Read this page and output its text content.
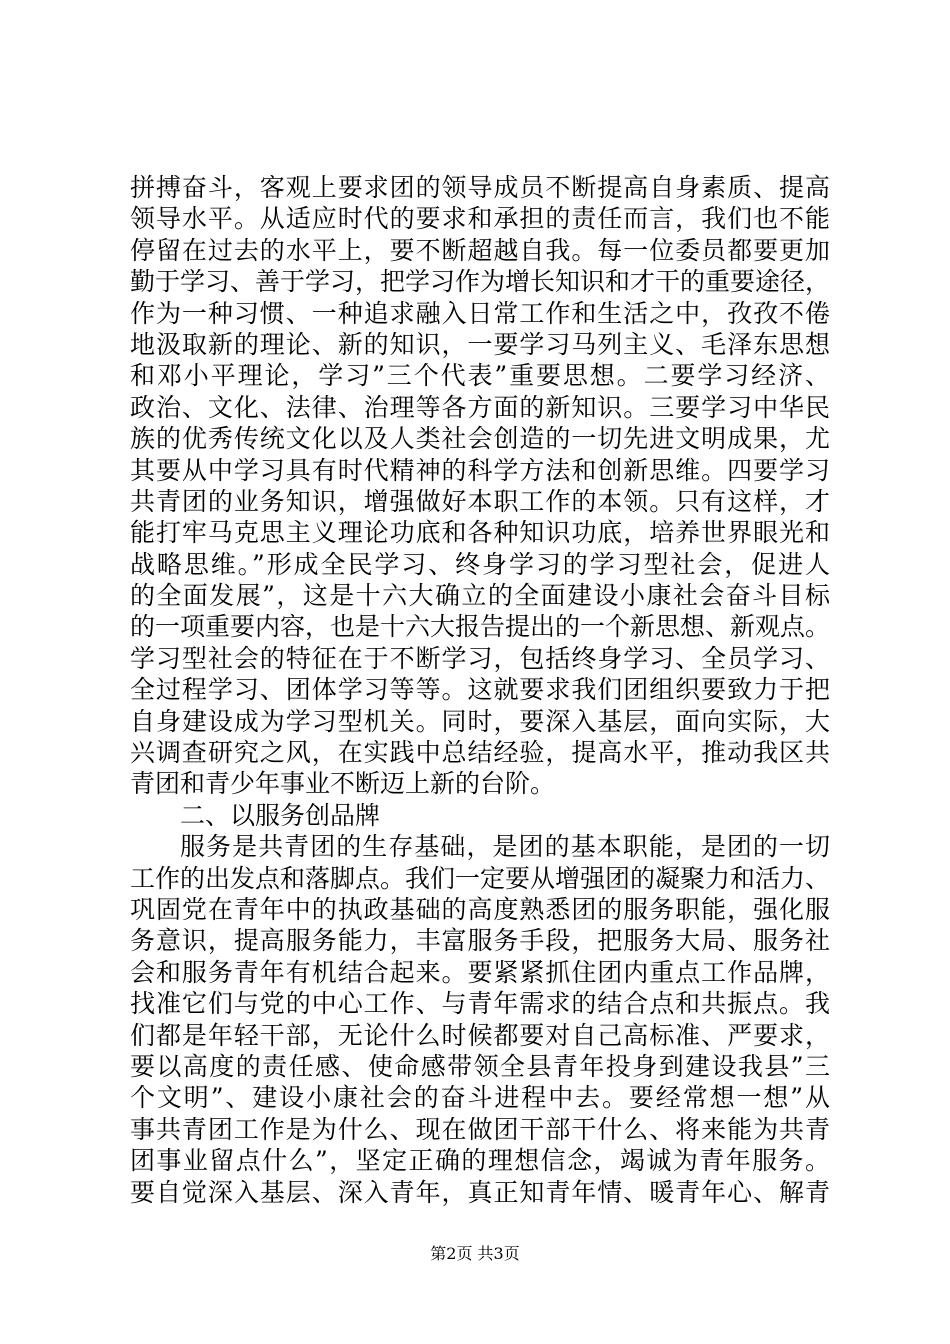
拼搏奋斗，客观上要求团的领导成员不断提高自身素质、提高
领导水平。从适应时代的要求和承担的责任而言，我们也不能
停留在过去的水平上，要不断超越自我。每一位委员都要更加
勤于学习、善于学习，把学习作为增长知识和才干的重要途径，
作为一种习惯、一种追求融入日常工作和生活之中，孜孜不倦
地汲取新的理论、新的知识，一要学习马列主义、毛泽东思想
和邓小平理论，学习”三个代表”重要思想。二要学习经济、
政治、文化、法律、治理等各方面的新知识。三要学习中华民
族的优秀传统文化以及人类社会创造的一切先进文明成果，尤
其要从中学习具有时代精神的科学方法和创新思维。四要学习
共青团的业务知识，增强做好本职工作的本领。只有这样，才
能打牢马克思主义理论功底和各种知识功底，培养世界眼光和
战略思维。”形成全民学习、终身学习的学习型社会，促进人
的全面发展”，这是十六大确立的全面建设小康社会奋斗目标
的一项重要内容，也是十六大报告提出的一个新思想、新观点。
学习型社会的特征在于不断学习，包括终身学习、全员学习、
全过程学习、团体学习等等。这就要求我们团组织要致力于把
自身建设成为学习型机关。同时，要深入基层，面向实际，大
兴调查研究之风，在实践中总结经验，提高水平，推动我区共
青团和青少年事业不断迈上新的台阶。
二、以服务创品牌
服务是共青团的生存基础，是团的基本职能，是团的一切
工作的出发点和落脚点。我们一定要从增强团的凝聚力和活力、
巩固党在青年中的执政基础的高度熟悉团的服务职能，强化服
务意识，提高服务能力，丰富服务手段，把服务大局、服务社
会和服务青年有机结合起来。要紧紧抓住团内重点工作品牌，
找准它们与党的中心工作、与青年需求的结合点和共振点。我
们都是年轻干部，无论什么时候都要对自己高标准、严要求，
要以高度的责任感、使命感带领全县青年投身到建设我县”三
个文明”、建设小康社会的奋斗进程中去。要经常想一想”从
事共青团工作是为什么、现在做团干部干什么、将来能为共青
团事业留点什么”，坚定正确的理想信念，竭诚为青年服务。
要自觉深入基层、深入青年，真正知青年情、暖青年心、解青
第2页 共3页
